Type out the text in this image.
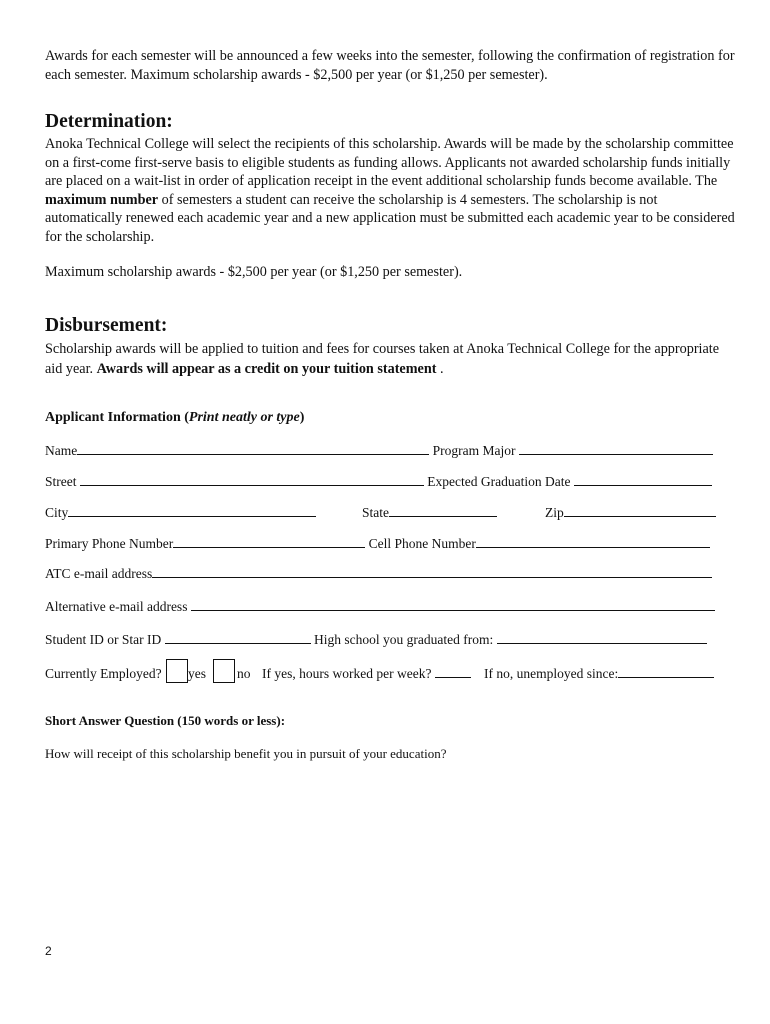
Awards for each semester will be announced a few weeks into the semester, following the confirmation of registration for each semester. Maximum scholarship awards - $2,500 per year (or $1,250 per semester).
Determination:
Anoka Technical College will select the recipients of this scholarship. Awards will be made by the scholarship committee on a first-come first-serve basis to eligible students as funding allows. Applicants not awarded scholarship funds initially are placed on a wait-list in order of application receipt in the event additional scholarship funds become available. The maximum number of semesters a student can receive the scholarship is 4 semesters. The scholarship is not automatically renewed each academic year and a new application must be submitted each academic year to be considered for the scholarship.
Maximum scholarship awards - $2,500 per year (or $1,250 per semester).
Disbursement:
Scholarship awards will be applied to tuition and fees for courses taken at Anoka Technical College for the appropriate aid year. Awards will appear as a credit on your tuition statement .
Applicant Information (Print neatly or type)
Name	Program Major
Street	Expected Graduation Date
City	State	Zip
Primary Phone Number	Cell Phone Number
ATC e-mail address
Alternative e-mail address
Student ID or Star ID	High school you graduated from:
Currently Employed? yes no If yes, hours worked per week?	If no, unemployed since:
Short Answer Question (150 words or less):
How will receipt of this scholarship benefit you in pursuit of your education?
2
